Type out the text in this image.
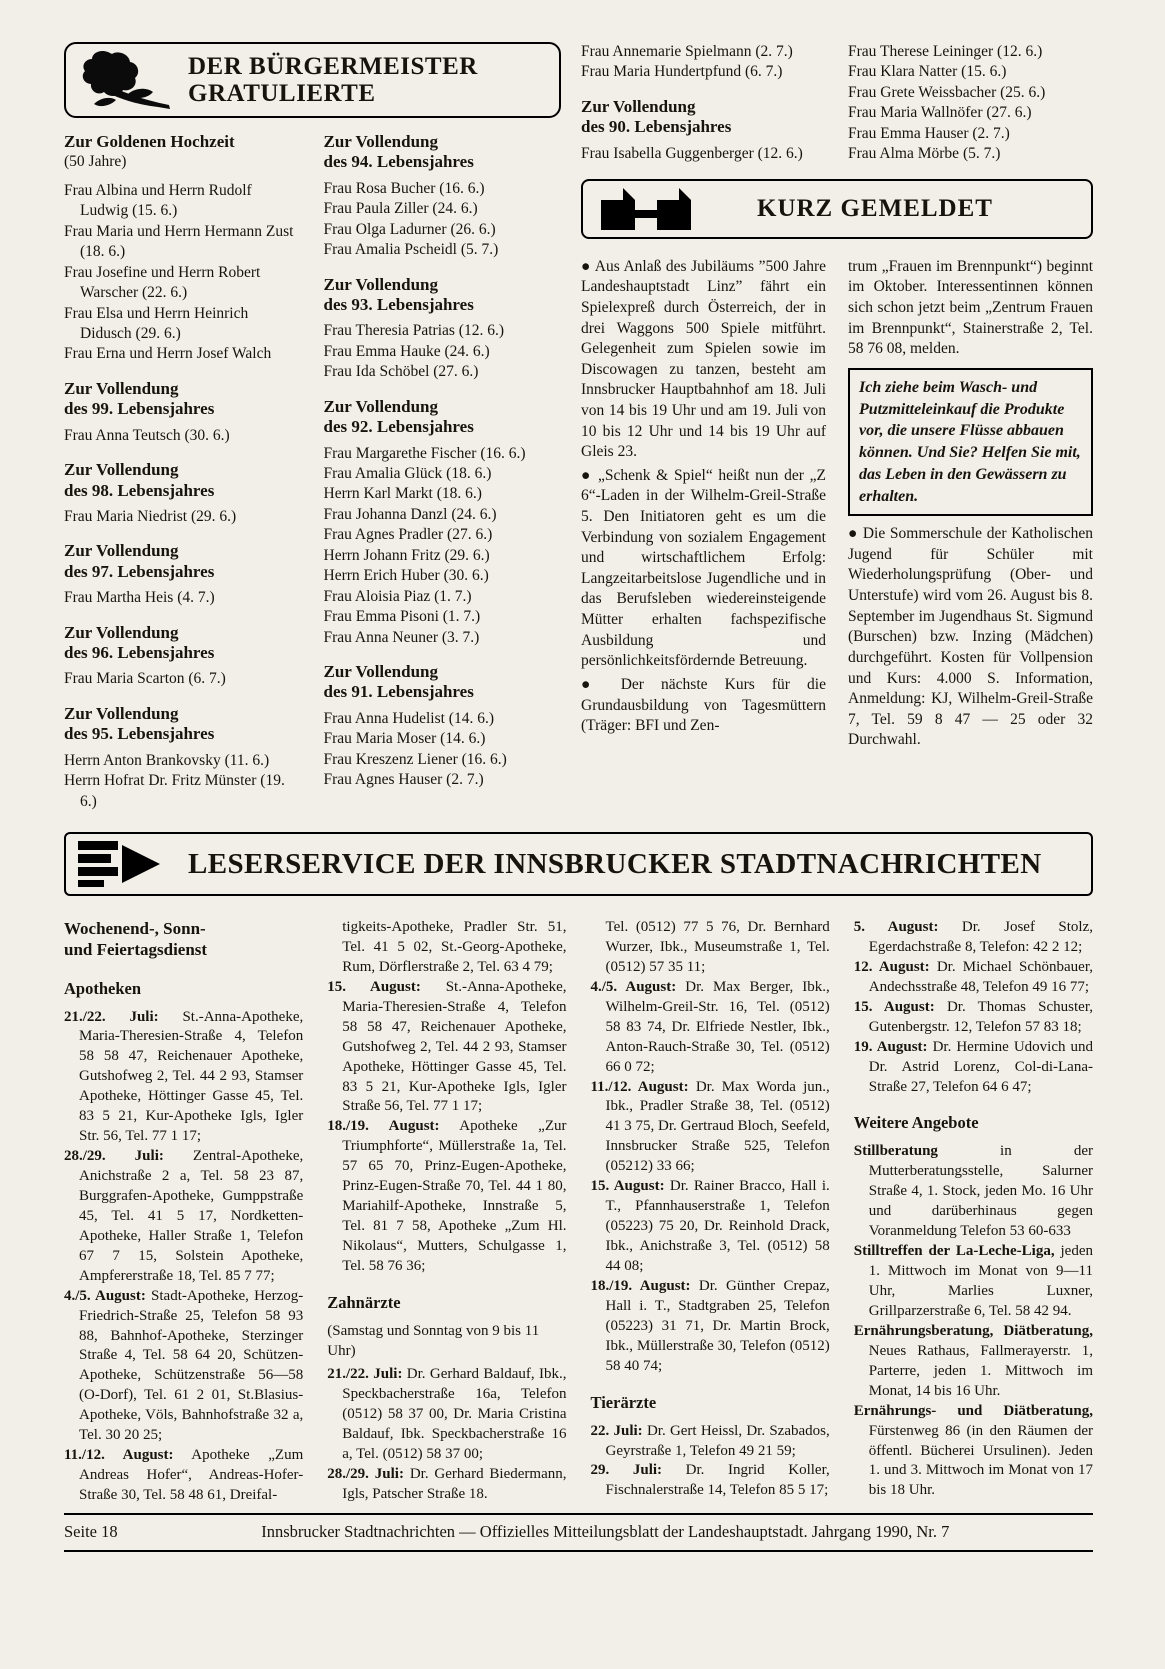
DER BÜRGERMEISTER
GRATULIERTE

Zur Goldenen Hochzeit

(50 Jahre)

Frau Albina und Herrn Rudolf Ludwig (15. 6.)

Frau Maria und Herrn Hermann Zust (18. 6.)

Frau Josefine und Herrn Robert Warscher (22. 6.)

Frau Elsa und Herrn Heinrich Didusch (29. 6.)

Frau Erna und Herrn Josef Walch

Zur Vollendung

des 99. Lebensjahres

Frau Anna Teutsch (30. 6.)

Zur Vollendung

des 98. Lebensjahres

Frau Maria Niedrist (29. 6.)

Zur Vollendung

des 97. Lebensjahres

Frau Martha Heis (4. 7.)

Zur Vollendung

des 96. Lebensjahres

Frau Maria Scarton (6. 7.)

Zur Vollendung

des 95. Lebensjahres

Herrn Anton Brankovsky (11. 6.)

Herrn Hofrat Dr. Fritz Münster (19. 6.)

Zur Vollendung

des 94. Lebensjahres

Frau Rosa Bucher (16. 6.)

Frau Paula Ziller (24. 6.)

Frau Olga Ladurner (26. 6.)

Frau Amalia Pscheidl (5. 7.)

Zur Vollendung

des 93. Lebensjahres

Frau Theresia Patrias (12. 6.)

Frau Emma Hauke (24. 6.)

Frau Ida Schöbel (27. 6.)

Zur Vollendung

des 92. Lebensjahres

Frau Margarethe Fischer (16. 6.)

Frau Amalia Glück (18. 6.)

Herrn Karl Markt (18. 6.)

Frau Johanna Danzl (24. 6.)

Frau Agnes Pradler (27. 6.)

Herrn Johann Fritz (29. 6.)

Herrn Erich Huber (30. 6.)

Frau Aloisia Piaz (1. 7.)

Frau Emma Pisoni (1. 7.)

Frau Anna Neuner (3. 7.)

Zur Vollendung

des 91. Lebensjahres

Frau Anna Hudelist (14. 6.)

Frau Maria Moser (14. 6.)

Frau Kreszenz Liener (16. 6.)

Frau Agnes Hauser (2. 7.)

Frau Annemarie Spielmann (2. 7.)

Frau Maria Hundertpfund (6. 7.)

Zur Vollendung

des 90. Lebensjahres

Frau Isabella Guggenberger (12. 6.)

Frau Therese Leininger (12. 6.)

Frau Klara Natter (15. 6.)

Frau Grete Weissbacher (25. 6.)

Frau Maria Wallnöfer (27. 6.)

Frau Emma Hauser (2. 7.)

Frau Alma Mörbe (5. 7.)

KURZ GEMELDET

● Aus Anlaß des Jubiläums ”500 Jahre Landeshauptstadt Linz” fährt ein Spielexpreß durch Österreich, der in drei Waggons 500 Spiele mitführt. Gelegenheit zum Spielen sowie im Discowagen zu tanzen, besteht am Innsbrucker Hauptbahnhof am 18. Juli von 14 bis 19 Uhr und am 19. Juli von 10 bis 12 Uhr und 14 bis 19 Uhr auf Gleis 23.

● „Schenk & Spiel“ heißt nun der „Z 6“-Laden in der Wilhelm-Greil-Straße 5. Den Initiatoren geht es um die Verbindung von sozialem Engagement und wirtschaftlichem Erfolg: Langzeitarbeitslose Jugendliche und in das Berufsleben wiedereinsteigende Mütter erhalten fachspezifische Ausbildung und persönlichkeitsfördernde Betreuung.

● Der nächste Kurs für die Grundausbildung von Tagesmüttern (Träger: BFI und Zen-

trum „Frauen im Brennpunkt“) beginnt im Oktober. Interessentinnen können sich schon jetzt beim „Zentrum Frauen im Brennpunkt“, Stainerstraße 2, Tel. 58 76 08, melden.

Ich ziehe beim Wasch- und Putzmitteleinkauf die Produkte vor, die unsere Flüsse abbauen können. Und Sie? Helfen Sie mit, das Leben in den Gewässern zu erhalten.

● Die Sommerschule der Katholischen Jugend für Schüler mit Wiederholungsprüfung (Ober- und Unterstufe) wird vom 26. August bis 8. September im Jugendhaus St. Sigmund (Burschen) bzw. Inzing (Mädchen) durchgeführt. Kosten für Vollpension und Kurs: 4.000 S. Information, Anmeldung: KJ, Wilhelm-Greil-Straße 7, Tel. 59 8 47 — 25 oder 32 Durchwahl.

LESERSERVICE DER INNSBRUCKER STADTNACHRICHTEN

Wochenend-, Sonn-

und Feiertagsdienst

Apotheken

21./22. Juli: St.-Anna-Apotheke, Maria-Theresien-Straße 4, Telefon 58 58 47, Reichenauer Apotheke, Gutshofweg 2, Tel. 44 2 93, Stamser Apotheke, Höttinger Gasse 45, Tel. 83 5 21, Kur-Apotheke Igls, Igler Str. 56, Tel. 77 1 17;

28./29. Juli: Zentral-Apotheke, Anichstraße 2 a, Tel. 58 23 87, Burggrafen-Apotheke, Gumppstraße 45, Tel. 41 5 17, Nordketten-Apotheke, Haller Straße 1, Telefon 67 7 15, Solstein Apotheke, Ampfererstraße 18, Tel. 85 7 77;

4./5. August: Stadt-Apotheke, Herzog-Friedrich-Straße 25, Telefon 58 93 88, Bahnhof-Apotheke, Sterzinger Straße 4, Tel. 58 64 20, Schützen-Apotheke, Schützenstraße 56—58 (O-Dorf), Tel. 61 2 01, St.Blasius-Apotheke, Völs, Bahnhofstraße 32 a, Tel. 30 20 25;

11./12. August: Apotheke „Zum Andreas Hofer“, Andreas-Hofer-Straße 30, Tel. 58 48 61, Dreifal-

tigkeits-Apotheke, Pradler Str. 51, Tel. 41 5 02, St.-Georg-Apotheke, Rum, Dörflerstraße 2, Tel. 63 4 79;

15. August: St.-Anna-Apotheke, Maria-Theresien-Straße 4, Telefon 58 58 47, Reichenauer Apotheke, Gutshofweg 2, Tel. 44 2 93, Stamser Apotheke, Höttinger Gasse 45, Tel. 83 5 21, Kur-Apotheke Igls, Igler Straße 56, Tel. 77 1 17;

18./19. August: Apotheke „Zur Triumphforte“, Müllerstraße 1a, Tel. 57 65 70, Prinz-Eugen-Apotheke, Prinz-Eugen-Straße 70, Tel. 44 1 80, Mariahilf-Apotheke, Innstraße 5, Tel. 81 7 58, Apotheke „Zum Hl. Nikolaus“, Mutters, Schulgasse 1, Tel. 58 76 36;

Zahnärzte

(Samstag und Sonntag von 9 bis 11 Uhr)

21./22. Juli: Dr. Gerhard Baldauf, Ibk., Speckbacherstraße 16a, Telefon (0512) 58 37 00, Dr. Maria Cristina Baldauf, Ibk. Speckbacherstraße 16 a, Tel. (0512) 58 37 00;

28./29. Juli: Dr. Gerhard Biedermann, Igls, Patscher Straße 18.

Tel. (0512) 77 5 76, Dr. Bernhard Wurzer, Ibk., Museumstraße 1, Tel. (0512) 57 35 11;

4./5. August: Dr. Max Berger, Ibk., Wilhelm-Greil-Str. 16, Tel. (0512) 58 83 74, Dr. Elfriede Nestler, Ibk., Anton-Rauch-Straße 30, Tel. (0512) 66 0 72;

11./12. August: Dr. Max Worda jun., Ibk., Pradler Straße 38, Tel. (0512) 41 3 75, Dr. Gertraud Bloch, Seefeld, Innsbrucker Straße 525, Telefon (05212) 33 66;

15. August: Dr. Rainer Bracco, Hall i. T., Pfannhauserstraße 1, Telefon (05223) 75 20, Dr. Reinhold Drack, Ibk., Anichstraße 3, Tel. (0512) 58 44 08;

18./19. August: Dr. Günther Crepaz, Hall i. T., Stadtgraben 25, Telefon (05223) 31 71, Dr. Martin Brock, Ibk., Müllerstraße 30, Telefon (0512) 58 40 74;

Tierärzte

22. Juli: Dr. Gert Heissl, Dr. Szabados, Geyrstraße 1, Telefon 49 21 59;

29. Juli: Dr. Ingrid Koller, Fischnalerstraße 14, Telefon 85 5 17;

5. August: Dr. Josef Stolz, Egerdachstraße 8, Telefon: 42 2 12;

12. August: Dr. Michael Schönbauer, Andechsstraße 48, Telefon 49 16 77;

15. August: Dr. Thomas Schuster, Gutenbergstr. 12, Telefon 57 83 18;

19. August: Dr. Hermine Udovich und Dr. Astrid Lorenz, Col-di-Lana-Straße 27, Telefon 64 6 47;

Weitere Angebote

Stillberatung in der Mutterberatungsstelle, Salurner Straße 4, 1. Stock, jeden Mo. 16 Uhr und darüberhinaus gegen Voranmeldung Telefon 53 60-633

Stilltreffen der La-Leche-Liga, jeden 1. Mittwoch im Monat von 9—11 Uhr, Marlies Luxner, Grillparzerstraße 6, Tel. 58 42 94.

Ernährungsberatung, Diätberatung, Neues Rathaus, Fallmerayerstr. 1, Parterre, jeden 1. Mittwoch im Monat, 14 bis 16 Uhr.

Ernährungs- und Diätberatung, Fürstenweg 86 (in den Räumen der öffentl. Bücherei Ursulinen). Jeden 1. und 3. Mittwoch im Monat von 17 bis 18 Uhr.

Seite 18	Innsbrucker Stadtnachrichten — Offizielles Mitteilungsblatt der Landeshauptstadt. Jahrgang 1990, Nr. 7
